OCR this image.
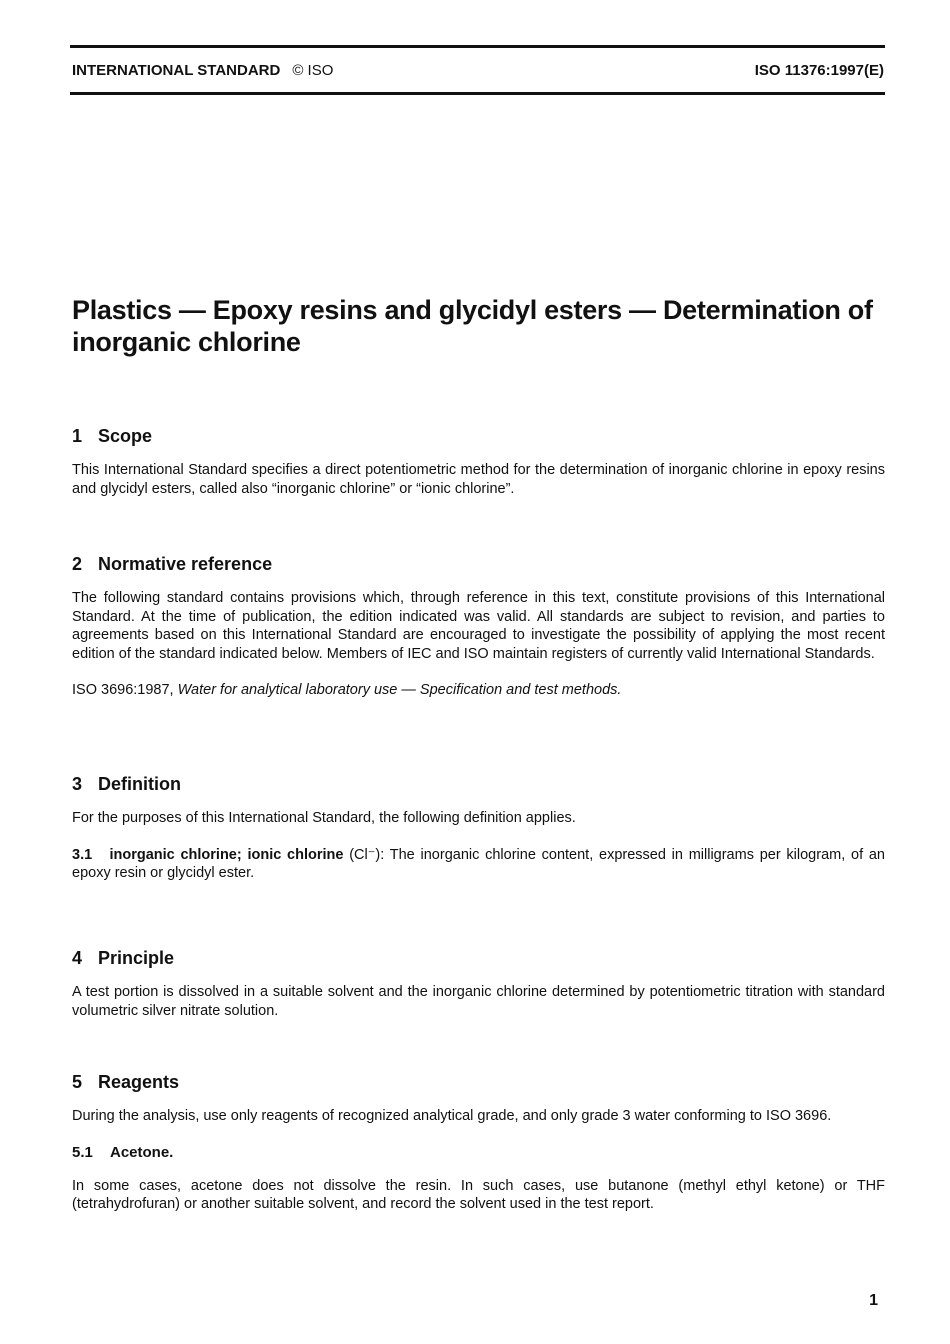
INTERNATIONAL STANDARD © ISO	ISO 11376:1997(E)
Plastics — Epoxy resins and glycidyl esters — Determination of inorganic chlorine
1 Scope

This International Standard specifies a direct potentiometric method for the determination of inorganic chlorine in epoxy resins and glycidyl esters, called also “inorganic chlorine” or “ionic chlorine”.

2 Normative reference

The following standard contains provisions which, through reference in this text, constitute provisions of this International Standard. At the time of publication, the edition indicated was valid. All standards are subject to revision, and parties to agreements based on this International Standard are encouraged to investigate the possibility of applying the most recent edition of the standard indicated below. Members of IEC and ISO maintain registers of currently valid International Standards.

ISO 3696:1987, Water for analytical laboratory use — Specification and test methods.

3 Definition

For the purposes of this International Standard, the following definition applies.

3.1 inorganic chlorine; ionic chlorine (Cl⁻): The inorganic chlorine content, expressed in milligrams per kilogram, of an epoxy resin or glycidyl ester.

4 Principle

A test portion is dissolved in a suitable solvent and the inorganic chlorine determined by potentiometric titration with standard volumetric silver nitrate solution.

5 Reagents

During the analysis, use only reagents of recognized analytical grade, and only grade 3 water conforming to ISO 3696.

5.1 Acetone.

In some cases, acetone does not dissolve the resin. In such cases, use butanone (methyl ethyl ketone) or THF (tetrahydrofuran) or another suitable solvent, and record the solvent used in the test report.

1
